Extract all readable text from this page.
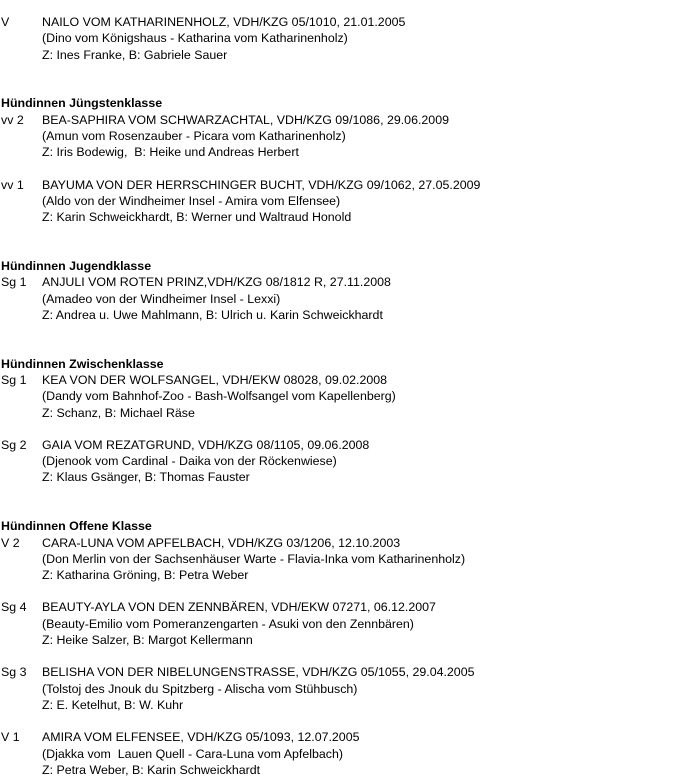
V	NAILO VOM KATHARINENHOLZ, VDH/KZG 05/1010, 21.01.2005
(Dino vom Königshaus - Katharina vom Katharinenholz)
Z: Ines Franke, B: Gabriele Sauer
Hündinnen Jüngstenklasse
vv 2	BEA-SAPHIRA VOM SCHWARZACHTAL, VDH/KZG 09/1086, 29.06.2009
(Amun vom Rosenzauber - Picara vom Katharinenholz)
Z: Iris Bodewig,  B: Heike und Andreas Herbert
vv 1	BAYUMA VON DER HERRSCHINGER BUCHT, VDH/KZG 09/1062, 27.05.2009
(Aldo von der Windheimer Insel - Amira vom Elfensee)
Z: Karin Schweickhardt, B: Werner und Waltraud Honold
Hündinnen Jugendklasse
Sg 1	ANJULI VOM ROTEN PRINZ,VDH/KZG 08/1812 R, 27.11.2008
(Amadeo von der Windheimer Insel - Lexxi)
Z: Andrea u. Uwe Mahlmann, B: Ulrich u. Karin Schweickhardt
Hündinnen Zwischenklasse
Sg 1	KEA VON DER WOLFSANGEL, VDH/EKW 08028, 09.02.2008
(Dandy vom Bahnhof-Zoo - Bash-Wolfsangel vom Kapellenberg)
Z: Schanz, B: Michael Räse
Sg 2	GAIA VOM REZATGRUND, VDH/KZG 08/1105, 09.06.2008
(Djenook vom Cardinal - Daika von der Röckenwiese)
Z: Klaus Gsänger, B: Thomas Fauster
Hündinnen Offene Klasse
V 2	CARA-LUNA VOM APFELBACH, VDH/KZG 03/1206, 12.10.2003
(Don Merlin von der Sachsenhäuser Warte - Flavia-Inka vom Katharinenholz)
Z: Katharina Gröning, B: Petra Weber
Sg 4	BEAUTY-AYLA VON DEN ZENNBÄREN, VDH/EKW 07271, 06.12.2007
(Beauty-Emilio vom Pomeranzengarten - Asuki von den Zennbären)
Z: Heike Salzer, B: Margot Kellermann
Sg 3	BELISHA VON DER NIBELUNGENSTRASSE, VDH/KZG 05/1055, 29.04.2005
(Tolstoj des Jnouk du Spitzberg - Alischa vom Stühbusch)
Z: E. Ketelhut, B: W. Kuhr
V 1	AMIRA VOM ELFENSEE, VDH/KZG 05/1093, 12.07.2005
(Djakka vom  Lauen Quell - Cara-Luna vom Apfelbach)
Z: Petra Weber, B: Karin Schweickhardt
